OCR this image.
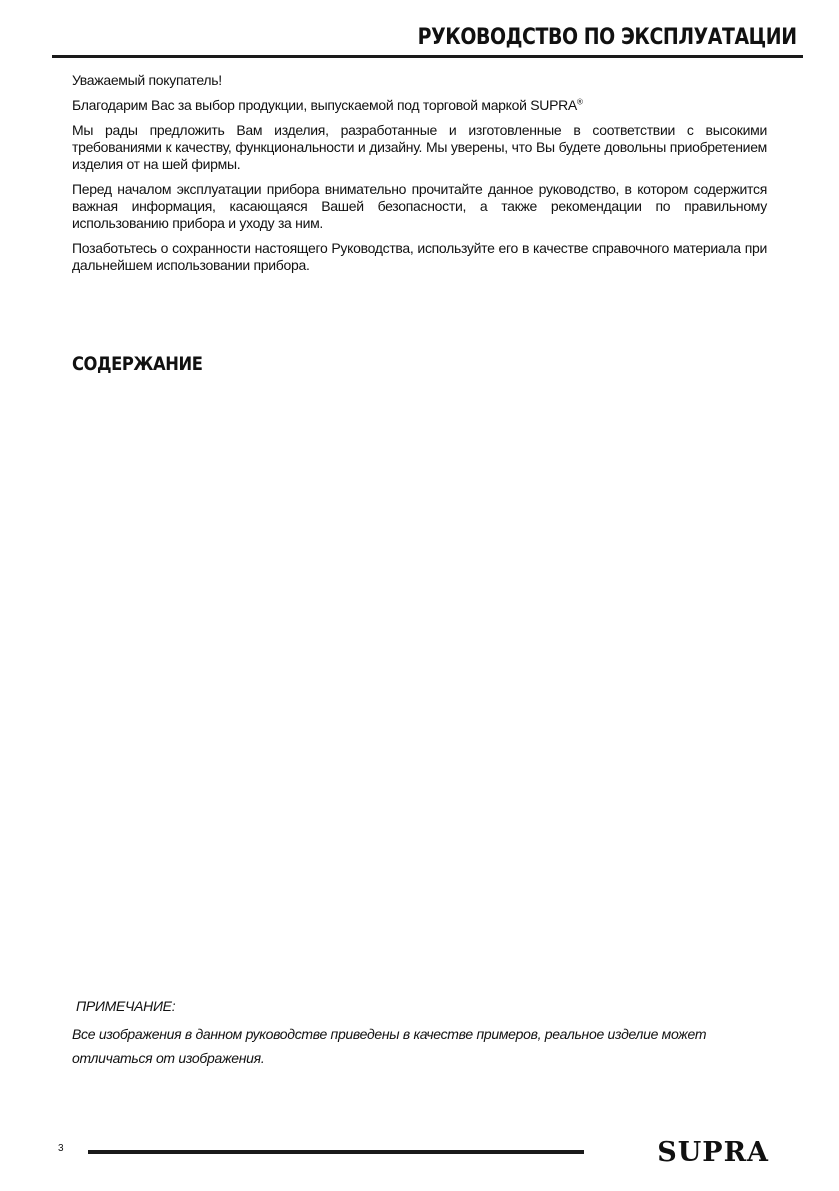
РУКОВОДСТВО ПО ЭКСПЛУАТАЦИИ

Уважаемый покупатель!

Благодарим Вас за выбор продукции, выпускаемой под торговой маркой SUPRA®

Мы рады предложить Вам изделия, разработанные и изготовленные в соответствии с высокими требованиями к качеству, функциональности и дизайну. Мы уверены, что Вы будете довольны приобретением изделия от на шей фирмы.

Перед началом эксплуатации прибора внимательно прочитайте данное руководство, в котором содержится важная информация, касающаяся Вашей безопасности, а также рекомендации по правильному использованию прибора и уходу за ним.

Позаботьтесь о сохранности настоящего Руководства, используйте его в качестве справочного материала при дальнейшем использовании прибора.

СОДЕРЖАНИЕ
ПРИМЕЧАНИЕ:
Все изображения в данном руководстве приведены в качестве примеров, реальное изделие может отличаться от изображения.
3	SUPRA
